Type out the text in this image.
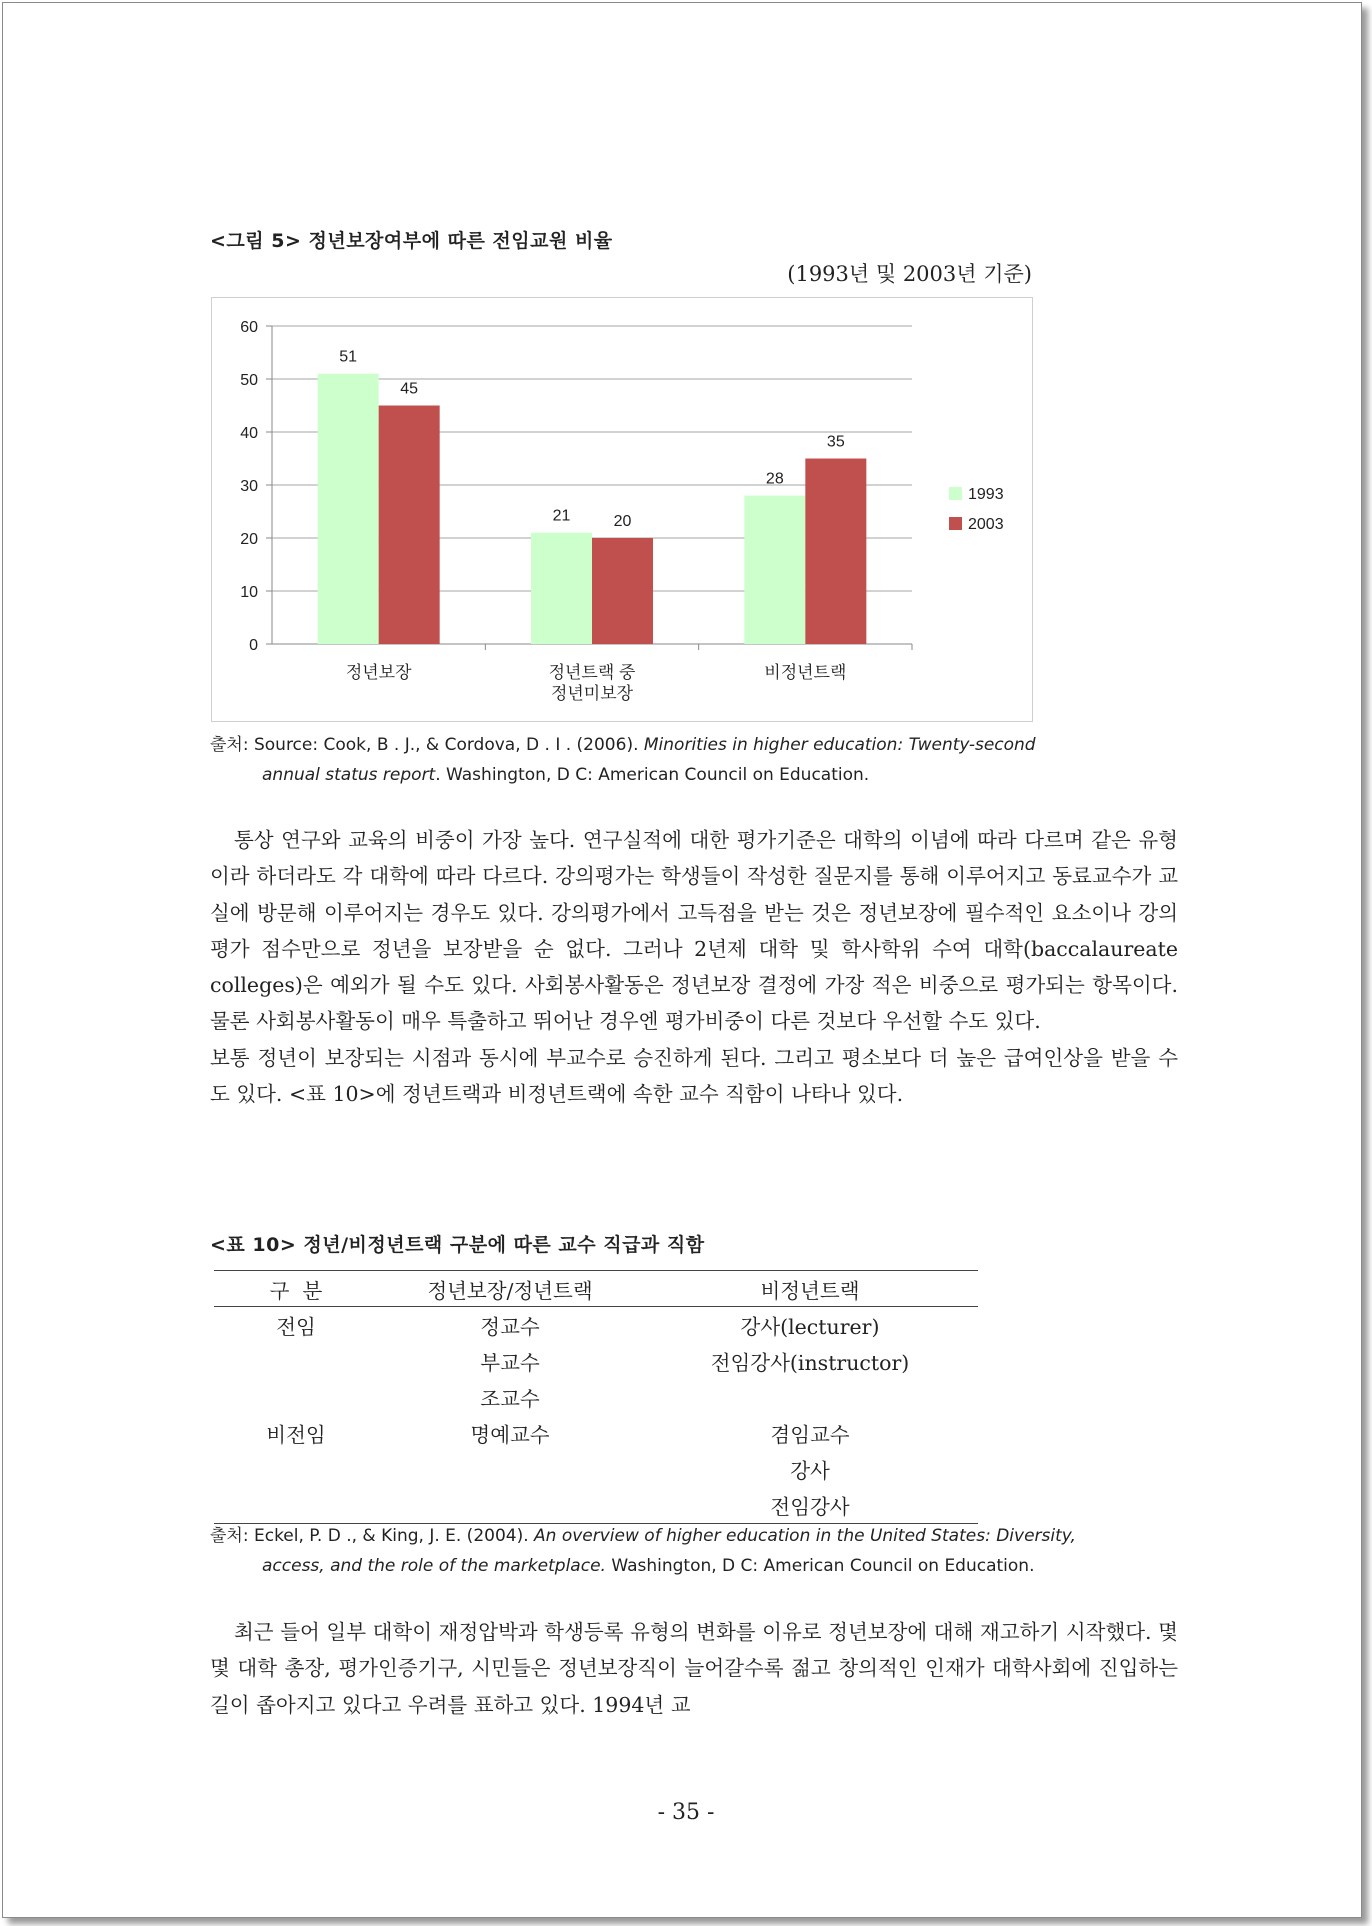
<그림 5> 정년보장여부에 따른 전임교원 비율
(1993년 및 2003년 기준)
0
10
20
30
40
50
60
51
45
정년보장
21	20
정년트랙 중
정년미보장
28
35
비정년트랙
1993
2003
출처: Source: Cook, B . J., & Cordova, D . I . (2006). Minorities in higher education: Twenty-second
annual status report. Washington, D C: American Council on Education.

통상 연구와 교육의 비중이 가장 높다. 연구실적에 대한 평가기준은 대학의 이념에 따라 다르며 같은 유형이라 하더라도 각 대학에 따라 다르다. 강의평가는 학생들이 작성한 질문지를 통해 이루어지고 동료교수가 교실에 방문해 이루어지는 경우도 있다. 강의평가에서 고득점을 받는 것은 정년보장에 필수적인 요소이나 강의평가 점수만으로 정년을 보장받을 순 없다. 그러나 2년제 대학 및 학사학위 수여 대학(baccalaureate colleges)은 예외가 될 수도 있다. 사회봉사활동은 정년보장 결정에 가장 적은 비중으로 평가되는 항목이다. 물론 사회봉사활동이 매우 특출하고 뛰어난 경우엔 평가비중이 다른 것보다 우선할 수도 있다.

보통 정년이 보장되는 시점과 동시에 부교수로 승진하게 된다. 그리고 평소보다 더 높은 급여인상을 받을 수도 있다. <표 10>에 정년트랙과 비정년트랙에 속한 교수 직함이 나타나 있다.

<표 10> 정년/비정년트랙 구분에 따른 교수 직급과 직함
구  분	정년보장/정년트랙	비정년트랙
전임	정교수	강사(lecturer)
	부교수	전임강사(instructor)
	조교수	
비전임	명예교수	겸임교수
		강사
		전임강사
출처: Eckel, P. D ., & King, J. E. (2004). An overview of higher education in the United States: Diversity,
access, and the role of the marketplace. Washington, D C: American Council on Education.

최근 들어 일부 대학이 재정압박과 학생등록 유형의 변화를 이유로 정년보장에 대해 재고하기 시작했다. 몇몇 대학 총장, 평가인증기구, 시민들은 정년보장직이 늘어갈수록 젊고 창의적인 인재가 대학사회에 진입하는 길이 좁아지고 있다고 우려를 표하고 있다. 1994년 교

- 35 -
